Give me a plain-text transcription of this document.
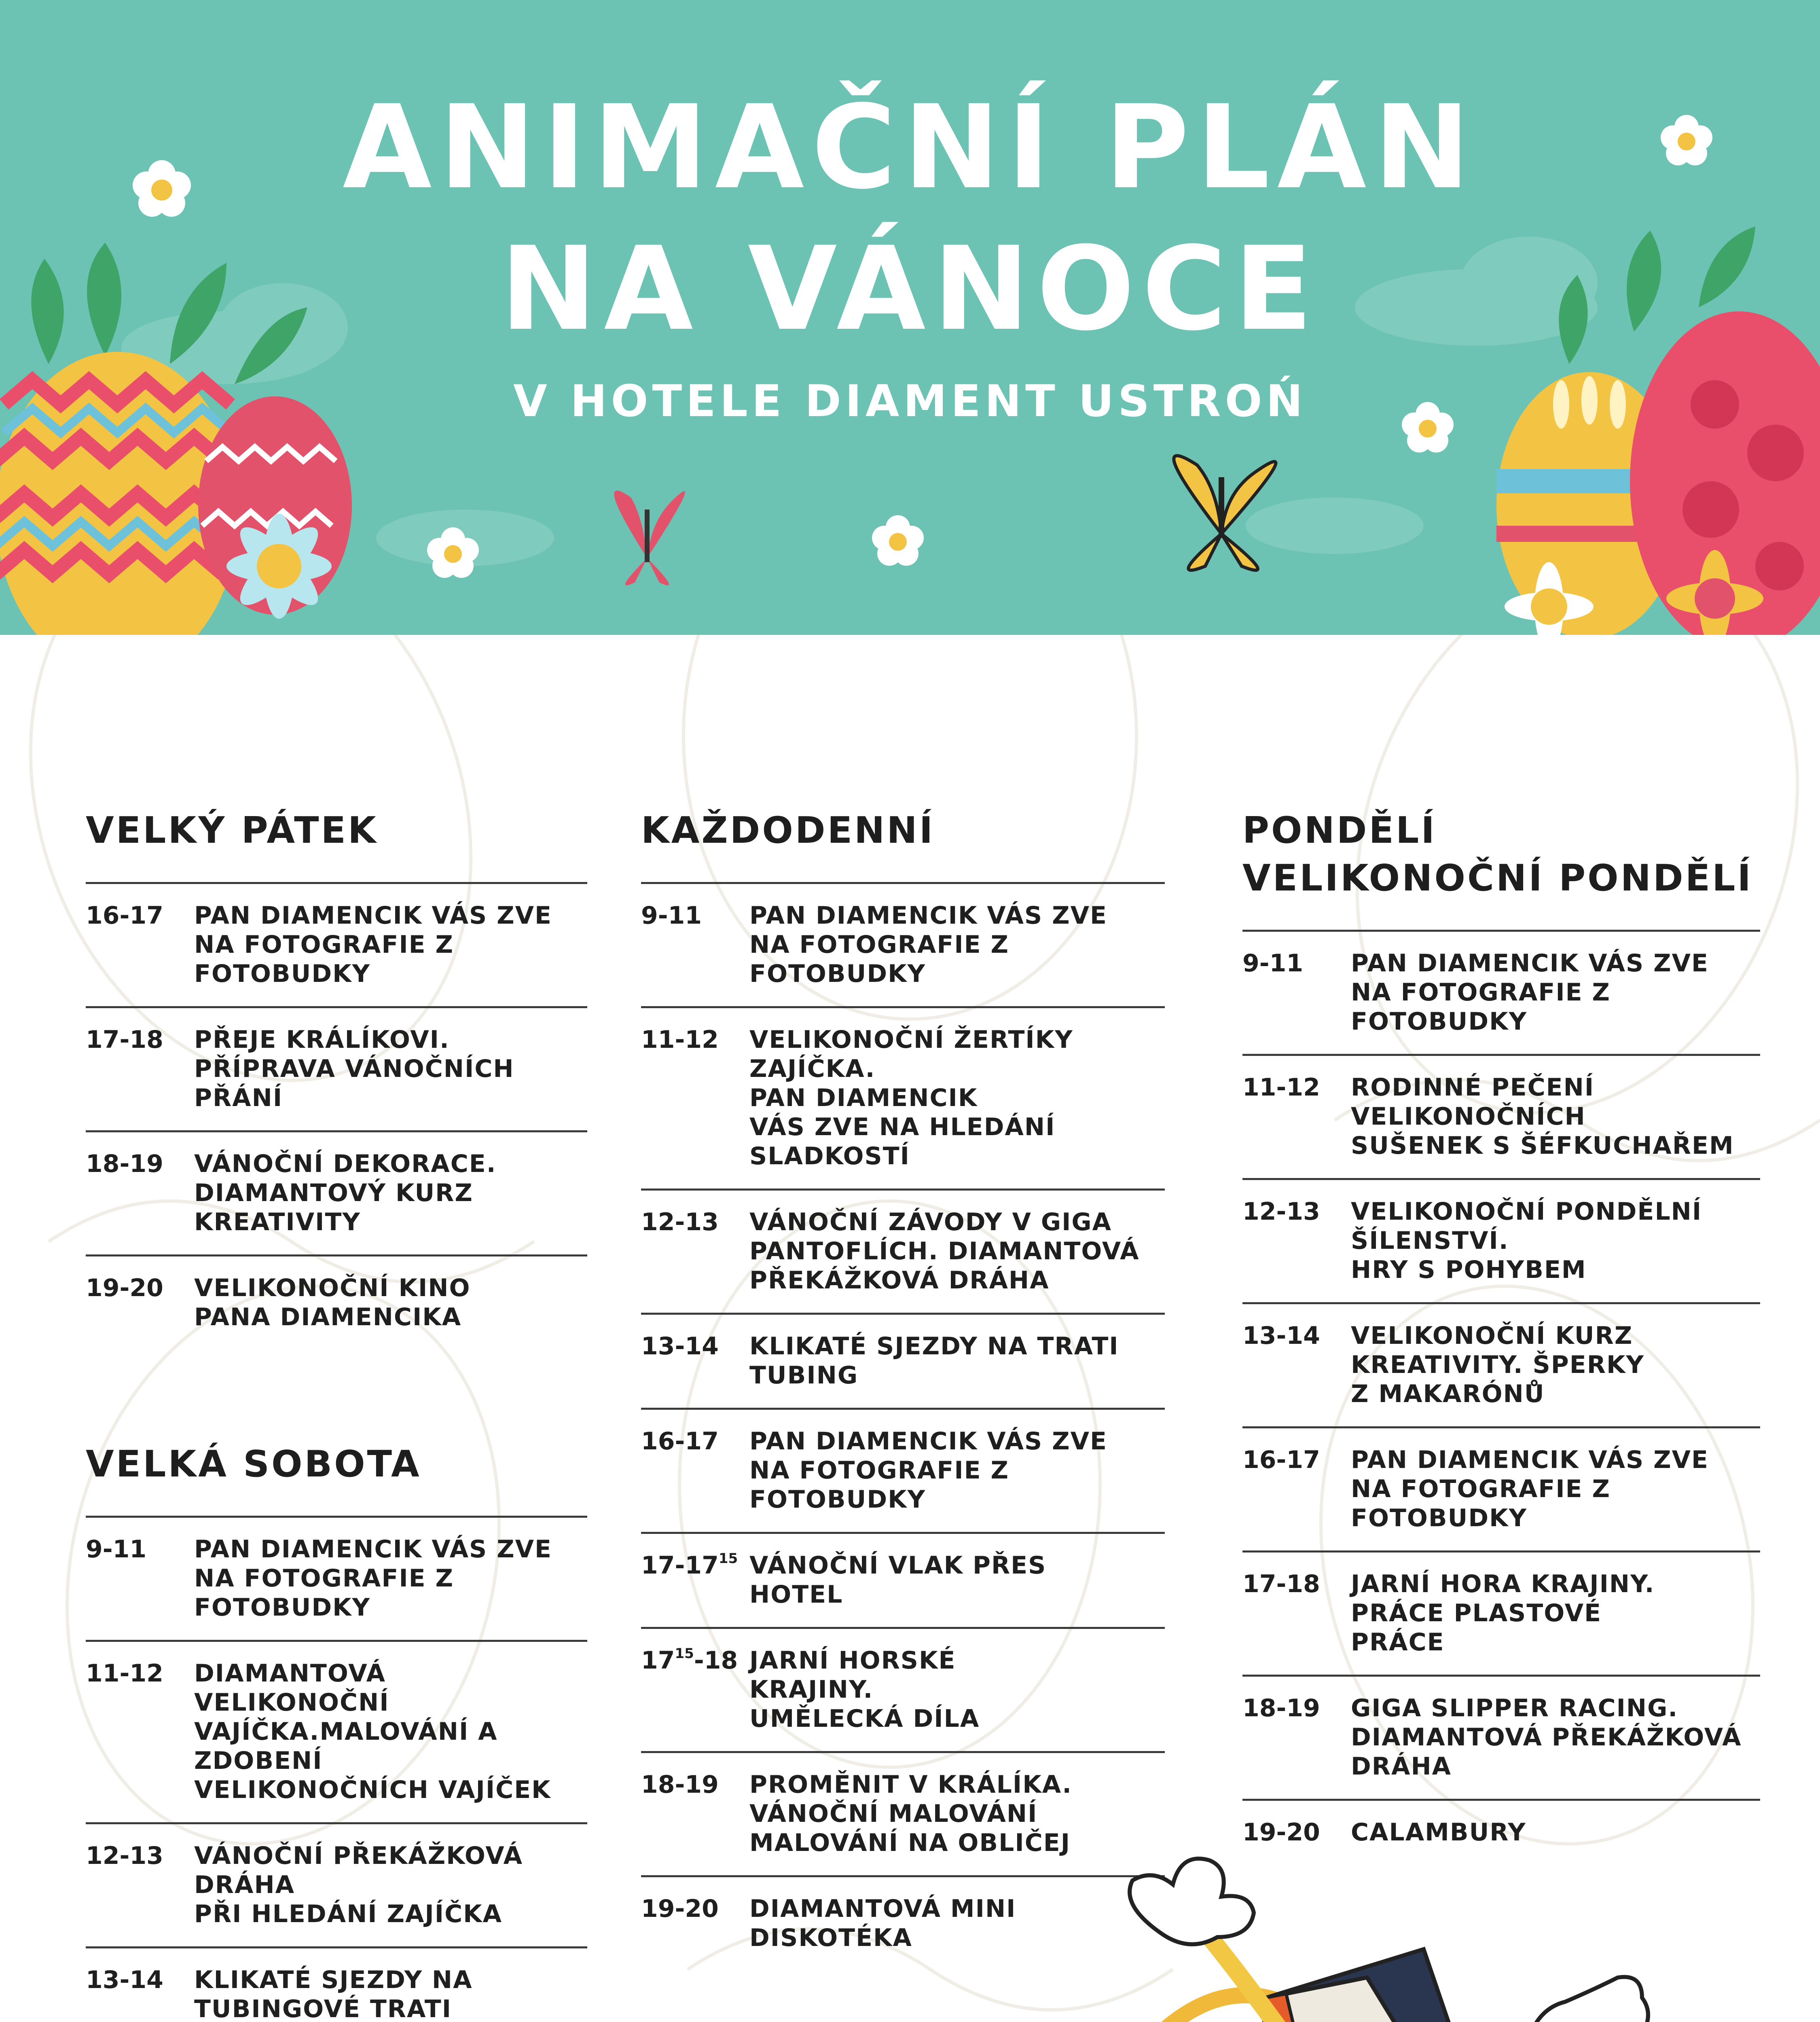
ANIMAČNÍ PLÁN
NA VÁNOCE
V HOTELE DIAMENT USTROŃ
VELKÝ PÁTEK
16-17	PAN DIAMENCIK VÁS ZVE
NA FOTOGRAFIE Z FOTOBUDKY
17-18	PŘEJE KRÁLÍKOVI.
PŘÍPRAVA VÁNOČNÍCH
PŘÁNÍ
18-19	VÁNOČNÍ DEKORACE.
DIAMANTOVÝ KURZ
KREATIVITY
19-20	VELIKONOČNÍ KINO
PANA DIAMENCIKA
VELKÁ SOBOTA
9-11	PAN DIAMENCIK VÁS ZVE
NA FOTOGRAFIE Z FOTOBUDKY
11-12	DIAMANTOVÁ VELIKONOČNÍ
VAJÍČKA.MALOVÁNÍ A ZDOBENÍ
VELIKONOČNÍCH VAJÍČEK
12-13	VÁNOČNÍ PŘEKÁŽKOVÁ DRÁHA
PŘI HLEDÁNÍ ZAJÍČKA
13-14	KLIKATÉ SJEZDY NA
TUBINGOVÉ TRATI
KAŽDODENNÍ
9-11	PAN DIAMENCIK VÁS ZVE
NA FOTOGRAFIE Z FOTOBUDKY
11-12	VELIKONOČNÍ ŽERTÍKY ZAJÍČKA.
PAN DIAMENCIK
VÁS ZVE NA HLEDÁNÍ
SLADKOSTÍ
12-13	VÁNOČNÍ ZÁVODY V GIGA
PANTOFLÍCH. DIAMANTOVÁ
PŘEKÁŽKOVÁ DRÁHA
13-14	KLIKATÉ SJEZDY NA TRATI
TUBING
16-17	PAN DIAMENCIK VÁS ZVE
NA FOTOGRAFIE Z FOTOBUDKY
$17-17^{15}$ VÁNOČNÍ VLAK PŘES
HOTEL
$17^{15}-18$ JARNÍ HORSKÉ
KRAJINY.
UMĚLECKÁ DÍLA
18-19	PROMĚNIT V KRÁLÍKA.
VÁNOČNÍ MALOVÁNÍ
MALOVÁNÍ NA OBLIČEJ
19-20	DIAMANTOVÁ MINI DISKOTÉKA
PONDĚLÍ
VELIKONOČNÍ PONDĚLÍ
9-11	PAN DIAMENCIK VÁS ZVE
NA FOTOGRAFIE Z FOTOBUDKY
11-12	RODINNÉ PEČENÍ
VELIKONOČNÍCH
SUŠENEK S ŠÉFKUCHAŘEM
12-13	VELIKONOČNÍ PONDĚLNÍ
ŠÍLENSTVÍ.
HRY S POHYBEM
13-14	VELIKONOČNÍ KURZ
KREATIVITY. ŠPERKY
Z MAKARÓNŮ
16-17	PAN DIAMENCIK VÁS ZVE
NA FOTOGRAFIE Z FOTOBUDKY
17-18	JARNÍ HORA KRAJINY.
PRÁCE PLASTOVÉ
PRÁCE
18-19	GIGA SLIPPER RACING.
DIAMANTOVÁ PŘEKÁŽKOVÁ
DRÁHA
19-20	CALAMBURY
